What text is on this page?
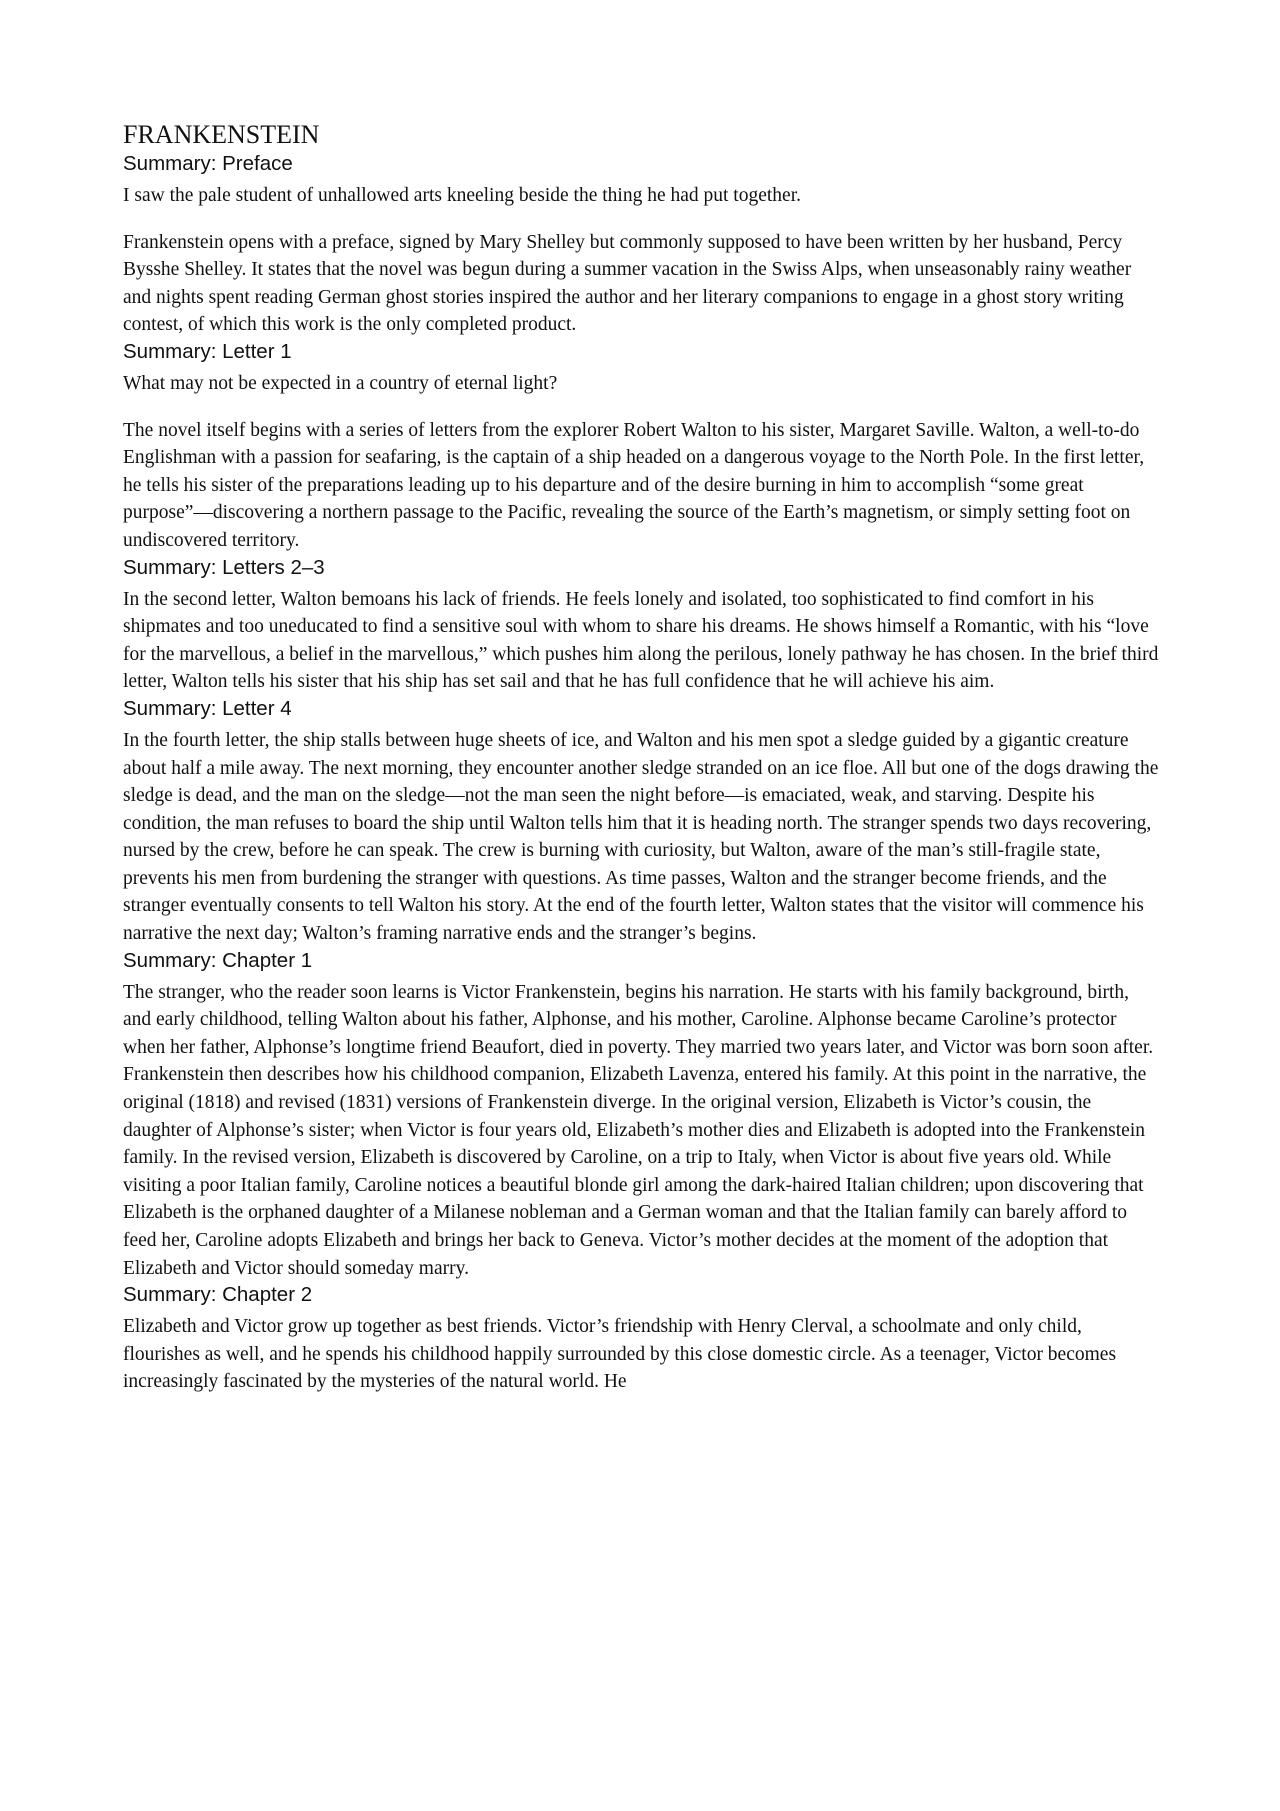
FRANKENSTEIN
Summary: Preface

I saw the pale student of unhallowed arts kneeling beside the thing he had put together.

Frankenstein opens with a preface, signed by Mary Shelley but commonly supposed to have been written by her husband, Percy Bysshe Shelley. It states that the novel was begun during a summer vacation in the Swiss Alps, when unseasonably rainy weather and nights spent reading German ghost stories inspired the author and her literary companions to engage in a ghost story writing contest, of which this work is the only completed product.

Summary: Letter 1

What may not be expected in a country of eternal light?

The novel itself begins with a series of letters from the explorer Robert Walton to his sister, Margaret Saville. Walton, a well-to-do Englishman with a passion for seafaring, is the captain of a ship headed on a dangerous voyage to the North Pole. In the first letter, he tells his sister of the preparations leading up to his departure and of the desire burning in him to accomplish “some great purpose”—discovering a northern passage to the Pacific, revealing the source of the Earth’s magnetism, or simply setting foot on undiscovered territory.

Summary: Letters 2–3

In the second letter, Walton bemoans his lack of friends. He feels lonely and isolated, too sophisticated to find comfort in his shipmates and too uneducated to find a sensitive soul with whom to share his dreams. He shows himself a Romantic, with his “love for the marvellous, a belief in the marvellous,” which pushes him along the perilous, lonely pathway he has chosen. In the brief third letter, Walton tells his sister that his ship has set sail and that he has full confidence that he will achieve his aim.

Summary: Letter 4

In the fourth letter, the ship stalls between huge sheets of ice, and Walton and his men spot a sledge guided by a gigantic creature about half a mile away. The next morning, they encounter another sledge stranded on an ice floe. All but one of the dogs drawing the sledge is dead, and the man on the sledge—not the man seen the night before—is emaciated, weak, and starving. Despite his condition, the man refuses to board the ship until Walton tells him that it is heading north. The stranger spends two days recovering, nursed by the crew, before he can speak. The crew is burning with curiosity, but Walton, aware of the man’s still-fragile state, prevents his men from burdening the stranger with questions. As time passes, Walton and the stranger become friends, and the stranger eventually consents to tell Walton his story. At the end of the fourth letter, Walton states that the visitor will commence his narrative the next day; Walton’s framing narrative ends and the stranger’s begins.

Summary: Chapter 1

The stranger, who the reader soon learns is Victor Frankenstein, begins his narration. He starts with his family background, birth, and early childhood, telling Walton about his father, Alphonse, and his mother, Caroline. Alphonse became Caroline’s protector when her father, Alphonse’s longtime friend Beaufort, died in poverty. They married two years later, and Victor was born soon after.

Frankenstein then describes how his childhood companion, Elizabeth Lavenza, entered his family. At this point in the narrative, the original (1818) and revised (1831) versions of Frankenstein diverge. In the original version, Elizabeth is Victor’s cousin, the daughter of Alphonse’s sister; when Victor is four years old, Elizabeth’s mother dies and Elizabeth is adopted into the Frankenstein family. In the revised version, Elizabeth is discovered by Caroline, on a trip to Italy, when Victor is about five years old. While visiting a poor Italian family, Caroline notices a beautiful blonde girl among the dark-haired Italian children; upon discovering that Elizabeth is the orphaned daughter of a Milanese nobleman and a German woman and that the Italian family can barely afford to feed her, Caroline adopts Elizabeth and brings her back to Geneva. Victor’s mother decides at the moment of the adoption that Elizabeth and Victor should someday marry.

Summary: Chapter 2

Elizabeth and Victor grow up together as best friends. Victor’s friendship with Henry Clerval, a schoolmate and only child, flourishes as well, and he spends his childhood happily surrounded by this close domestic circle. As a teenager, Victor becomes increasingly fascinated by the mysteries of the natural world. He
